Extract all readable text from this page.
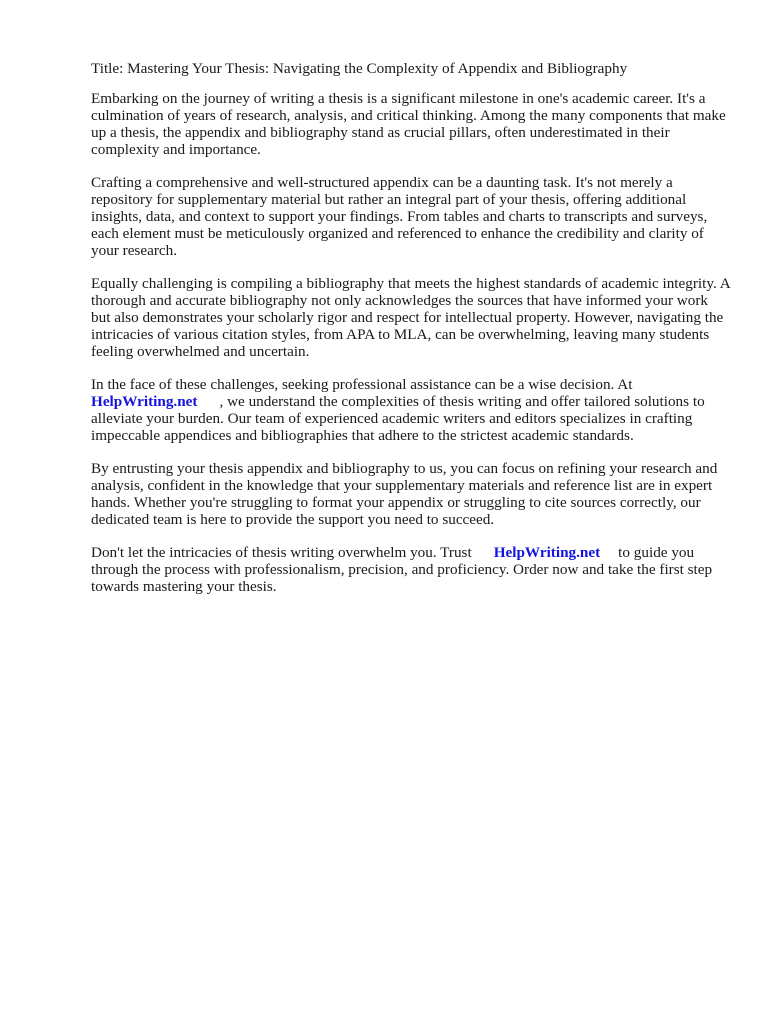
Title: Mastering Your Thesis: Navigating the Complexity of Appendix and Bibliography

Embarking on the journey of writing a thesis is a significant milestone in one's academic career. It's a culmination of years of research, analysis, and critical thinking. Among the many components that make up a thesis, the appendix and bibliography stand as crucial pillars, often underestimated in their complexity and importance.

Crafting a comprehensive and well-structured appendix can be a daunting task. It's not merely a repository for supplementary material but rather an integral part of your thesis, offering additional insights, data, and context to support your findings. From tables and charts to transcripts and surveys, each element must be meticulously organized and referenced to enhance the credibility and clarity of your research.

Equally challenging is compiling a bibliography that meets the highest standards of academic integrity. A thorough and accurate bibliography not only acknowledges the sources that have informed your work but also demonstrates your scholarly rigor and respect for intellectual property. However, navigating the intricacies of various citation styles, from APA to MLA, can be overwhelming, leaving many students feeling overwhelmed and uncertain.

In the face of these challenges, seeking professional assistance can be a wise decision. At
HelpWriting.net , we understand the complexities of thesis writing and offer tailored solutions to alleviate your burden. Our team of experienced academic writers and editors specializes in crafting impeccable appendices and bibliographies that adhere to the strictest academic standards.

By entrusting your thesis appendix and bibliography to us, you can focus on refining your research and analysis, confident in the knowledge that your supplementary materials and reference list are in expert hands. Whether you're struggling to format your appendix or struggling to cite sources correctly, our dedicated team is here to provide the support you need to succeed.

Don't let the intricacies of thesis writing overwhelm you. Trust HelpWriting.net to guide you through the process with professionalism, precision, and proficiency. Order now and take the first step towards mastering your thesis.
